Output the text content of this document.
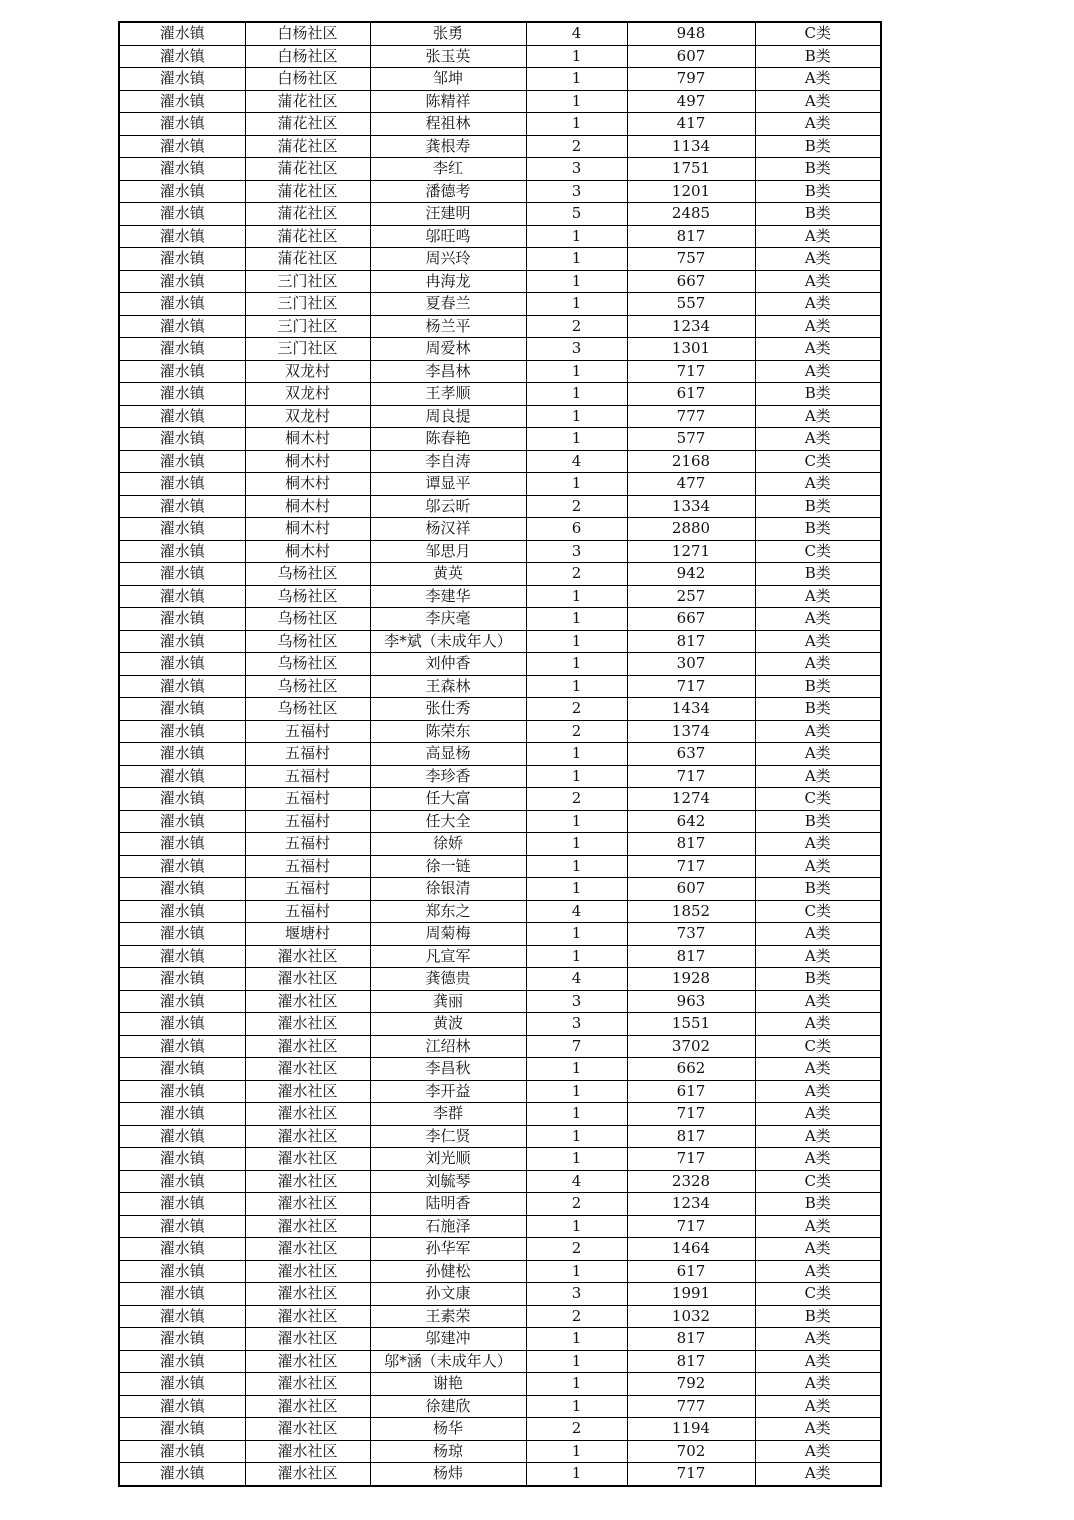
濯水镇	白杨社区	张勇	4	948	C类
濯水镇	白杨社区	张玉英	1	607	B类
濯水镇	白杨社区	邹坤	1	797	A类
濯水镇	蒲花社区	陈精祥	1	497	A类
濯水镇	蒲花社区	程祖林	1	417	A类
濯水镇	蒲花社区	龚根寿	2	1134	B类
濯水镇	蒲花社区	李红	3	1751	B类
濯水镇	蒲花社区	潘德考	3	1201	B类
濯水镇	蒲花社区	汪建明	5	2485	B类
濯水镇	蒲花社区	邬旺鸣	1	817	A类
濯水镇	蒲花社区	周兴玲	1	757	A类
濯水镇	三门社区	冉海龙	1	667	A类
濯水镇	三门社区	夏春兰	1	557	A类
濯水镇	三门社区	杨兰平	2	1234	A类
濯水镇	三门社区	周爱林	3	1301	A类
濯水镇	双龙村	李昌林	1	717	A类
濯水镇	双龙村	王孝顺	1	617	B类
濯水镇	双龙村	周良提	1	777	A类
濯水镇	桐木村	陈春艳	1	577	A类
濯水镇	桐木村	李自涛	4	2168	C类
濯水镇	桐木村	谭显平	1	477	A类
濯水镇	桐木村	邬云昕	2	1334	B类
濯水镇	桐木村	杨汉祥	6	2880	B类
濯水镇	桐木村	邹思月	3	1271	C类
濯水镇	乌杨社区	黄英	2	942	B类
濯水镇	乌杨社区	李建华	1	257	A类
濯水镇	乌杨社区	李庆毫	1	667	A类
濯水镇	乌杨社区	李*斌（未成年人）	1	817	A类
濯水镇	乌杨社区	刘仲香	1	307	A类
濯水镇	乌杨社区	王森林	1	717	B类
濯水镇	乌杨社区	张仕秀	2	1434	B类
濯水镇	五福村	陈荣东	2	1374	A类
濯水镇	五福村	高显杨	1	637	A类
濯水镇	五福村	李珍香	1	717	A类
濯水镇	五福村	任大富	2	1274	C类
濯水镇	五福村	任大全	1	642	B类
濯水镇	五福村	徐娇	1	817	A类
濯水镇	五福村	徐一链	1	717	A类
濯水镇	五福村	徐银清	1	607	B类
濯水镇	五福村	郑东之	4	1852	C类
濯水镇	堰塘村	周菊梅	1	737	A类
濯水镇	濯水社区	凡宣军	1	817	A类
濯水镇	濯水社区	龚德贵	4	1928	B类
濯水镇	濯水社区	龚丽	3	963	A类
濯水镇	濯水社区	黄波	3	1551	A类
濯水镇	濯水社区	江绍林	7	3702	C类
濯水镇	濯水社区	李昌秋	1	662	A类
濯水镇	濯水社区	李开益	1	617	A类
濯水镇	濯水社区	李群	1	717	A类
濯水镇	濯水社区	李仁贤	1	817	A类
濯水镇	濯水社区	刘光顺	1	717	A类
濯水镇	濯水社区	刘毓琴	4	2328	C类
濯水镇	濯水社区	陆明香	2	1234	B类
濯水镇	濯水社区	石施泽	1	717	A类
濯水镇	濯水社区	孙华军	2	1464	A类
濯水镇	濯水社区	孙健松	1	617	A类
濯水镇	濯水社区	孙文康	3	1991	C类
濯水镇	濯水社区	王素荣	2	1032	B类
濯水镇	濯水社区	邬建冲	1	817	A类
濯水镇	濯水社区	邬*涵（未成年人）	1	817	A类
濯水镇	濯水社区	谢艳	1	792	A类
濯水镇	濯水社区	徐建欣	1	777	A类
濯水镇	濯水社区	杨华	2	1194	A类
濯水镇	濯水社区	杨琼	1	702	A类
濯水镇	濯水社区	杨炜	1	717	A类
